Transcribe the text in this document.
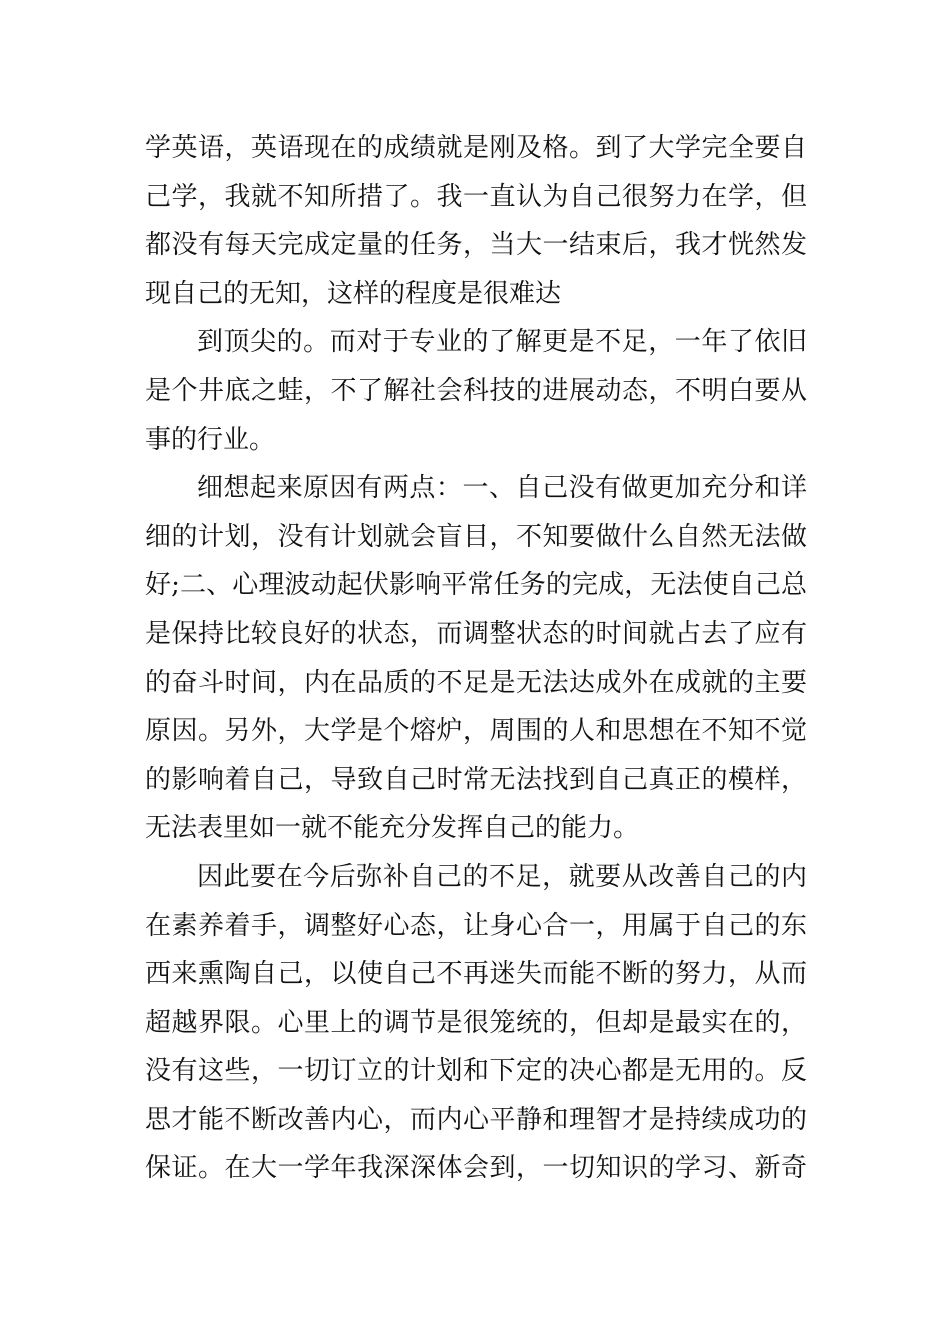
学英语，英语现在的成绩就是刚及格。到了大学完全要自
己学，我就不知所措了。我一直认为自己很努力在学，但
都没有每天完成定量的任务，当大一结束后，我才恍然发
现自己的无知，这样的程度是很难达

到顶尖的。而对于专业的了解更是不足，一年了依旧
是个井底之蛙，不了解社会科技的进展动态，不明白要从
事的行业。

细想起来原因有两点：一、自己没有做更加充分和详
细的计划，没有计划就会盲目，不知要做什么自然无法做
好;二、心理波动起伏影响平常任务的完成，无法使自己总
是保持比较良好的状态，而调整状态的时间就占去了应有
的奋斗时间，内在品质的不足是无法达成外在成就的主要
原因。另外，大学是个熔炉，周围的人和思想在不知不觉
的影响着自己，导致自己时常无法找到自己真正的模样，
无法表里如一就不能充分发挥自己的能力。

因此要在今后弥补自己的不足，就要从改善自己的内
在素养着手，调整好心态，让身心合一，用属于自己的东
西来熏陶自己，以使自己不再迷失而能不断的努力，从而
超越界限。心里上的调节是很笼统的，但却是最实在的，
没有这些，一切订立的计划和下定的决心都是无用的。反
思才能不断改善内心，而内心平静和理智才是持续成功的
保证。在大一学年我深深体会到，一切知识的学习、新奇
